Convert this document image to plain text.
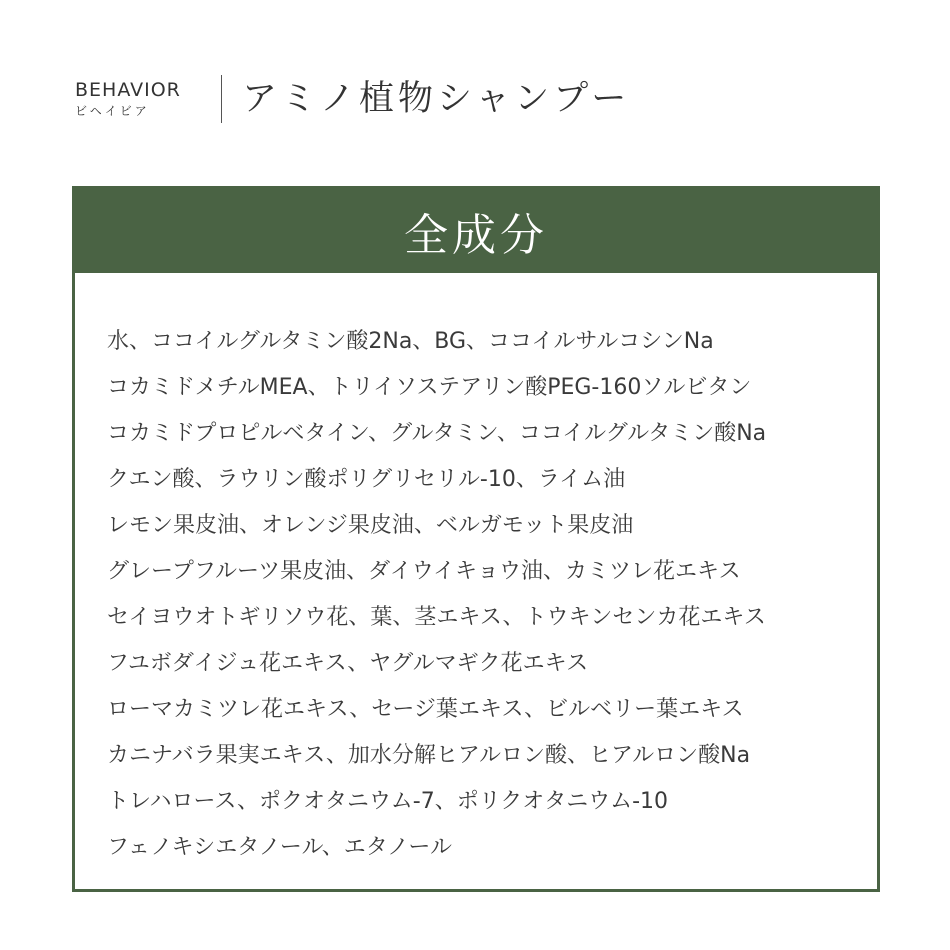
BEHAVIOR
ビヘイビア	アミノ植物シャンプー
全成分
水、ココイルグルタミン酸2Na、BG、ココイルサルコシンNa
コカミドメチルMEA、トリイソステアリン酸PEG-160ソルビタン
コカミドプロピルベタイン、グルタミン、ココイルグルタミン酸Na
クエン酸、ラウリン酸ポリグリセリル-10、ライム油
レモン果皮油、オレンジ果皮油、ベルガモット果皮油
グレープフルーツ果皮油、ダイウイキョウ油、カミツレ花エキス
セイヨウオトギリソウ花、葉、茎エキス、トウキンセンカ花エキス
フユボダイジュ花エキス、ヤグルマギク花エキス
ローマカミツレ花エキス、セージ葉エキス、ビルベリー葉エキス
カニナバラ果実エキス、加水分解ヒアルロン酸、ヒアルロン酸Na
トレハロース、ポクオタニウム-7、ポリクオタニウム-10
フェノキシエタノール、エタノール
